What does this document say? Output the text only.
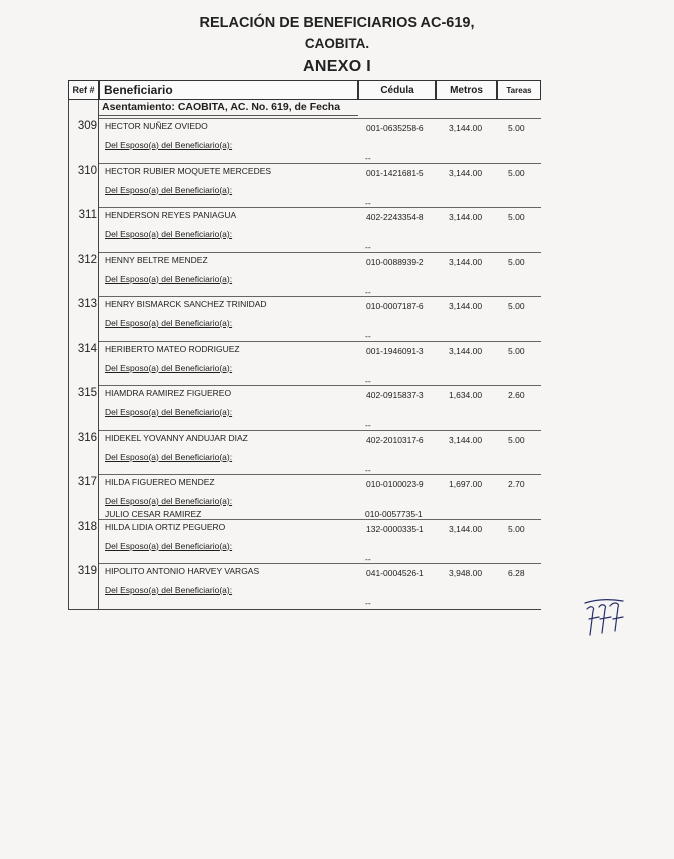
RELACIÓN DE BENEFICIARIOS AC-619,
CAOBITA.
ANEXO I
Ref # Beneficiario	Cédula	Metros	Tareas
Asentamiento: CAOBITA, AC. No. 619, de Fecha
309 HECTOR NUÑEZ OVIEDO	001-0635258-6	3,144.00	5.00
Del Esposo(a) del Beneficiario(a):
--
310 HECTOR RUBIER MOQUETE MERCEDES	001-1421681-5	3,144.00	5.00
Del Esposo(a) del Beneficiario(a):
--
311 HENDERSON REYES PANIAGUA	402-2243354-8	3,144.00	5.00
Del Esposo(a) del Beneficiario(a):
--
312 HENNY BELTRE MENDEZ	010-0088939-2	3,144.00	5.00
Del Esposo(a) del Beneficiario(a):
--
313 HENRY BISMARCK SANCHEZ TRINIDAD	010-0007187-6	3,144.00	5.00
Del Esposo(a) del Beneficiario(a):
--
314 HERIBERTO MATEO RODRIGUEZ	001-1946091-3	3,144.00	5.00
Del Esposo(a) del Beneficiario(a):
--
315 HIAMDRA RAMIREZ FIGUEREO	402-0915837-3	1,634.00	2.60
Del Esposo(a) del Beneficiario(a):
--
316 HIDEKEL YOVANNY ANDUJAR DIAZ	402-2010317-6	3,144.00	5.00
Del Esposo(a) del Beneficiario(a):
--
317 HILDA FIGUEREO MENDEZ	010-0100023-9	1,697.00	2.70
Del Esposo(a) del Beneficiario(a):
JULIO CESAR RAMIREZ	010-0057735-1
318 HILDA LIDIA ORTIZ PEGUERO	132-0000335-1	3,144.00	5.00
Del Esposo(a) del Beneficiario(a):
--
319 HIPOLITO ANTONIO HARVEY VARGAS	041-0004526-1	3,948.00	6.28
Del Esposo(a) del Beneficiario(a):
--
